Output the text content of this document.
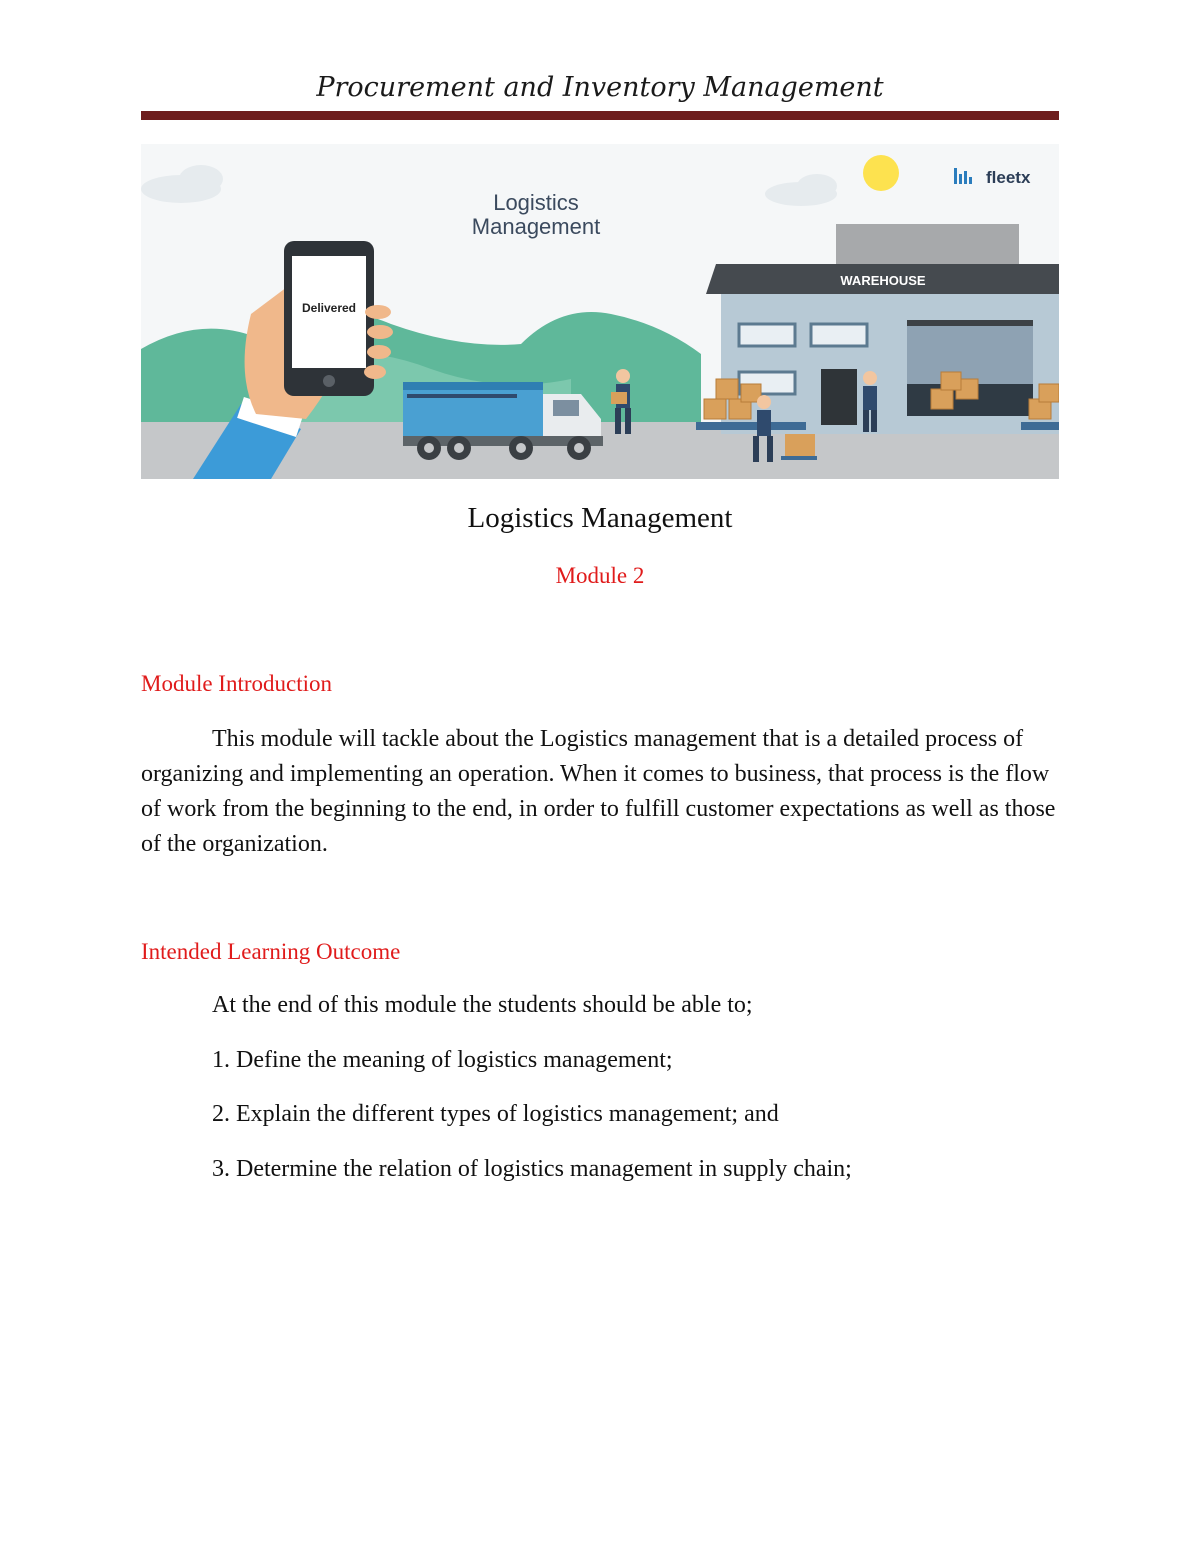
Procurement and Inventory Management
Logistics
Management
fleetx
WAREHOUSE
Delivered
Logistics Management
Module 2
Module Introduction

This module will tackle about the Logistics management that is a detailed process of organizing and implementing an operation. When it comes to business, that process is the flow of work from the beginning to the end, in order to fulfill customer expectations as well as those of the organization.

Intended Learning Outcome
At the end of this module the students should be able to;
1. Define the meaning of logistics management;
2. Explain the different types of logistics management; and
3. Determine the relation of logistics management in supply chain;
